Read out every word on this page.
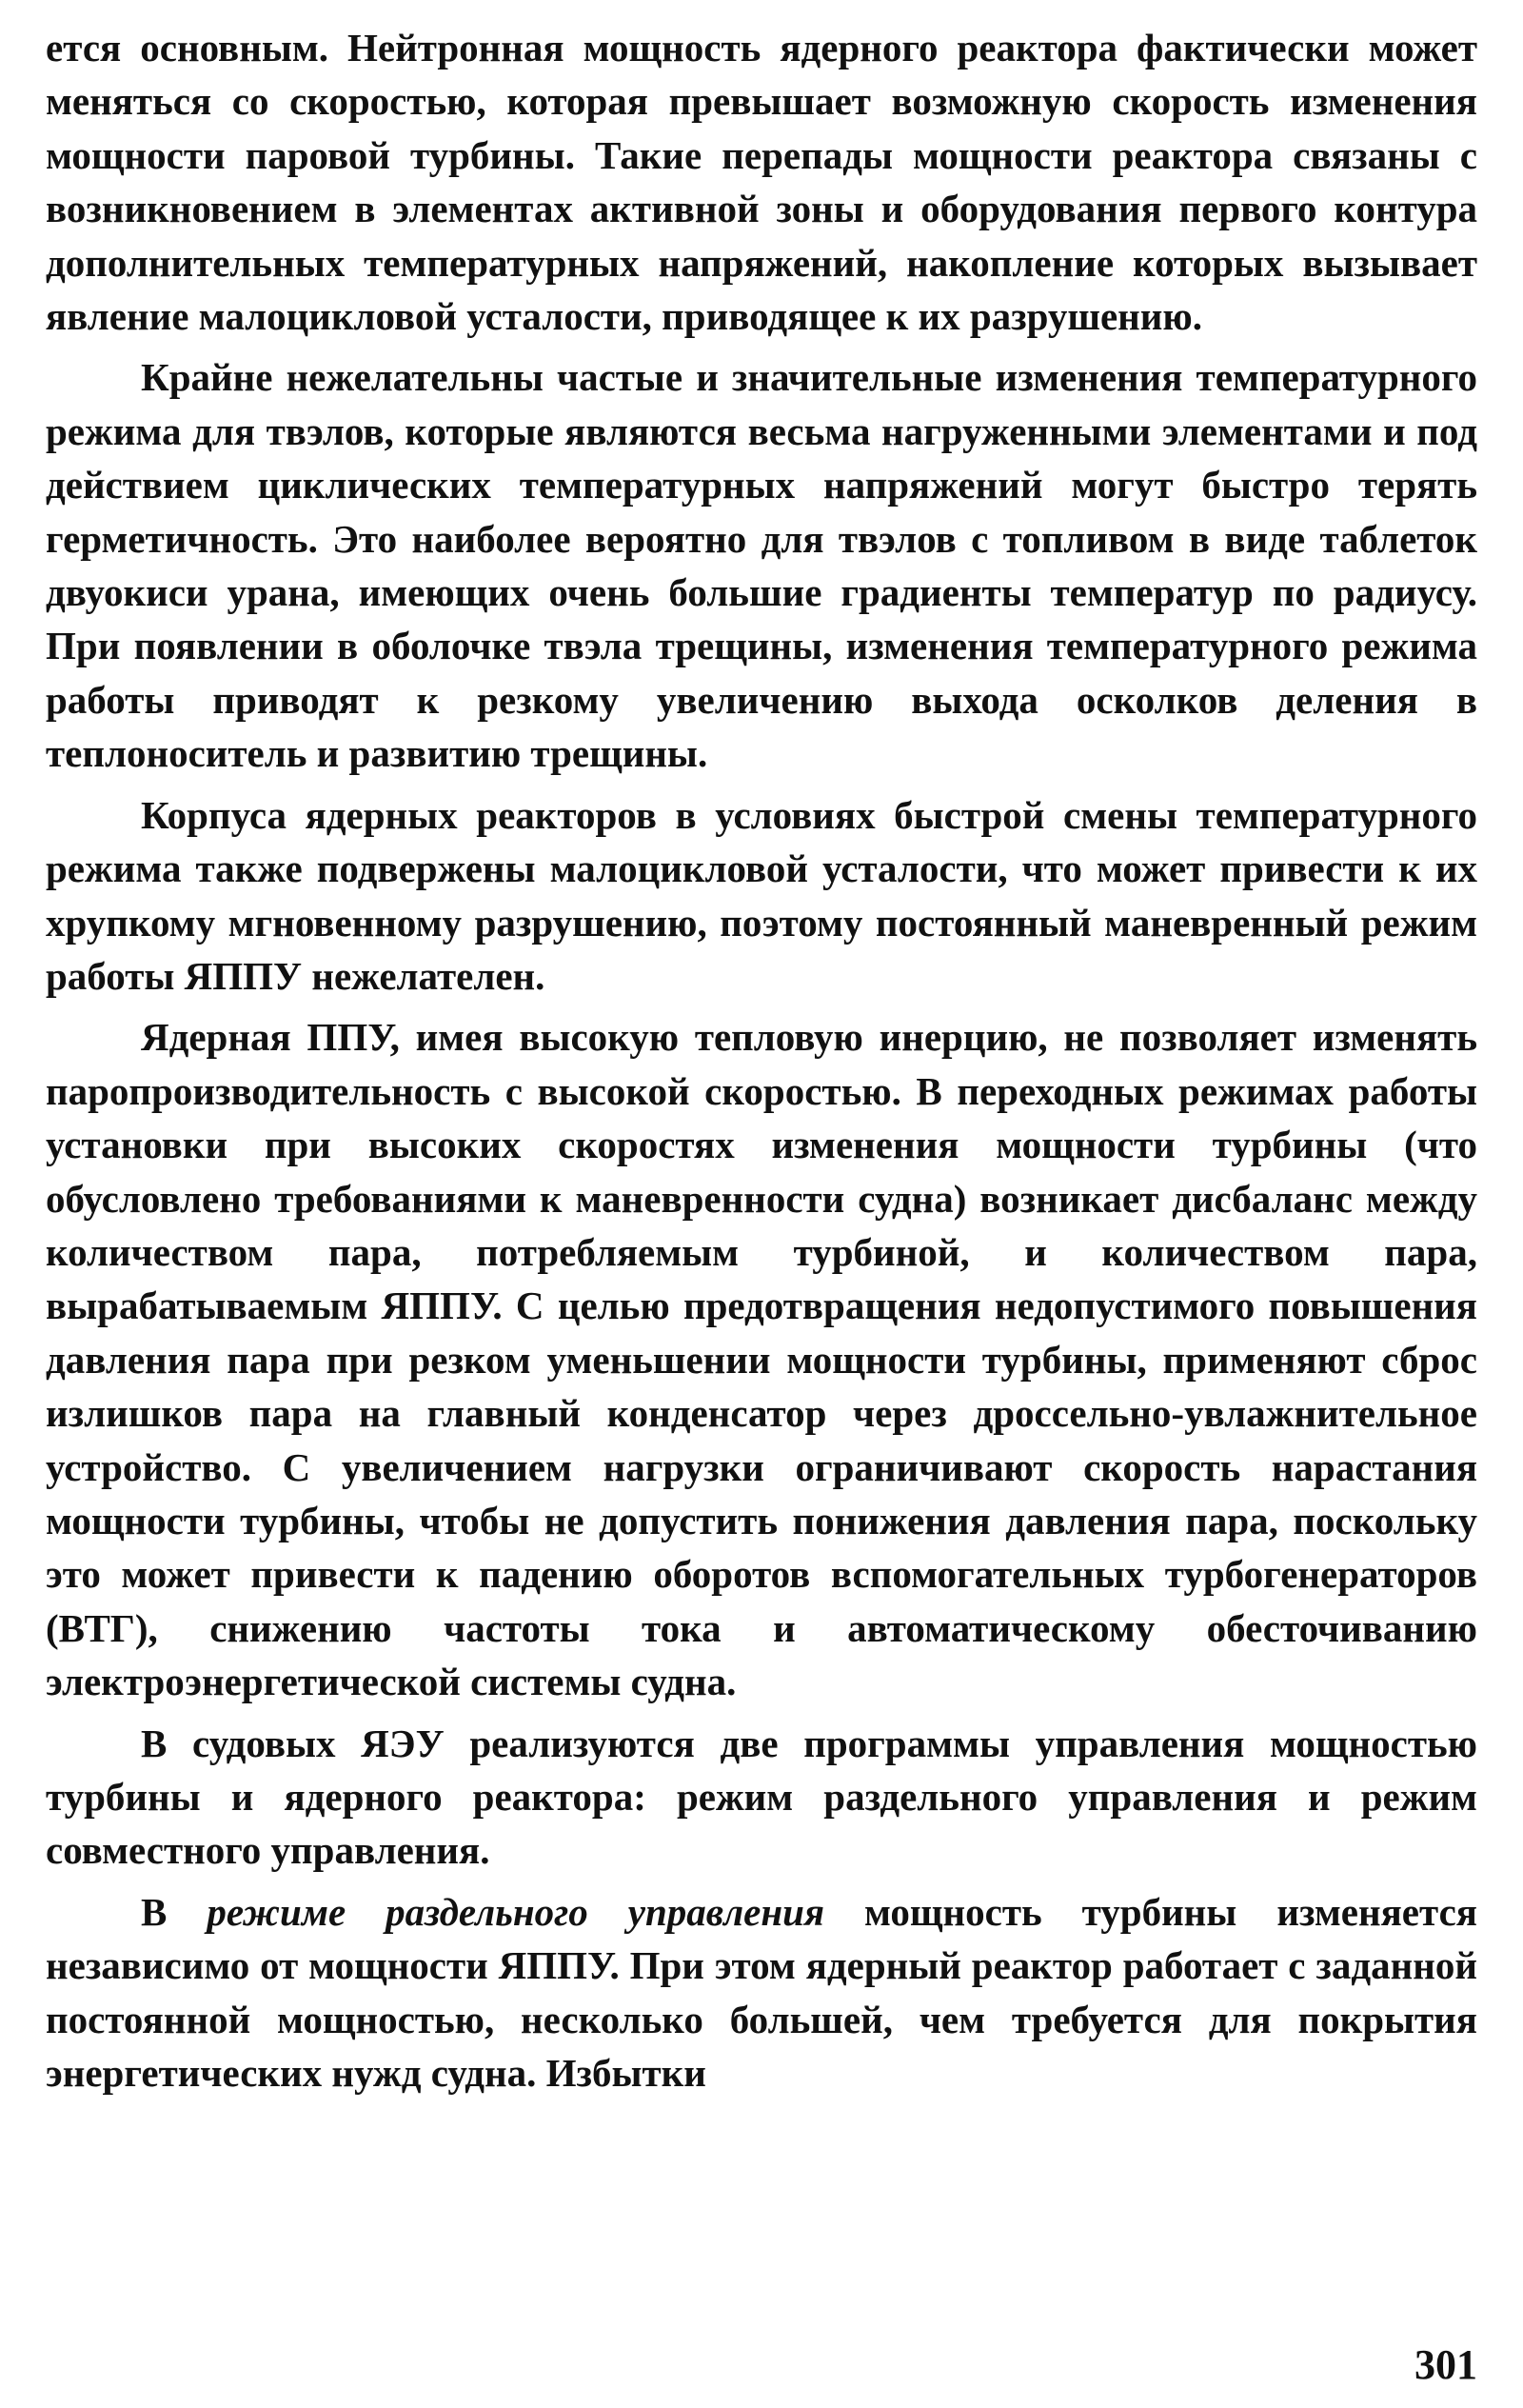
ется основным. Нейтронная мощность ядерного реактора фактически может меняться со скоростью, которая превышает возможную скорость изменения мощности паровой турбины. Такие перепады мощности реактора связаны с возникновением в элементах активной зоны и оборудования первого контура дополнительных температурных напряжений, накопление которых вызывает явление малоцикловой усталости, приводящее к их разрушению.

Крайне нежелательны частые и значительные изменения температурного режима для твэлов, которые являются весьма нагруженными элементами и под действием циклических температурных напряжений могут быстро терять герметичность. Это наиболее вероятно для твэлов с топливом в виде таблеток двуокиси урана, имеющих очень большие градиенты температур по радиусу. При появлении в оболочке твэла трещины, изменения температурного режима работы приводят к резкому увеличению выхода осколков деления в теплоноситель и развитию трещины.

Корпуса ядерных реакторов в условиях быстрой смены температурного режима также подвержены малоцикловой усталости, что может привести к их хрупкому мгновенному разрушению, поэтому постоянный маневренный режим работы ЯППУ нежелателен.

Ядерная ППУ, имея высокую тепловую инерцию, не позволяет изменять паропроизводительность с высокой скоростью. В переходных режимах работы установки при высоких скоростях изменения мощности турбины (что обусловлено требованиями к маневренности судна) возникает дисбаланс между количеством пара, потребляемым турбиной, и количеством пара, вырабатываемым ЯППУ. С целью предотвращения недопустимого повышения давления пара при резком уменьшении мощности турбины, применяют сброс излишков пара на главный конденсатор через дроссельно-увлажнительное устройство. С увеличением нагрузки ограничивают скорость нарастания мощности турбины, чтобы не допустить понижения давления пара, поскольку это может привести к падению оборотов вспомогательных турбогенераторов (ВТГ), снижению частоты тока и автоматическому обесточиванию электроэнергетической системы судна.

В судовых ЯЭУ реализуются две программы управления мощностью турбины и ядерного реактора: режим раздельного управления и режим совместного управления.

В режиме раздельного управления мощность турбины изменяется независимо от мощности ЯППУ. При этом ядерный реактор работает с заданной постоянной мощностью, несколько большей, чем требуется для покрытия энергетических нужд судна. Избытки

301
